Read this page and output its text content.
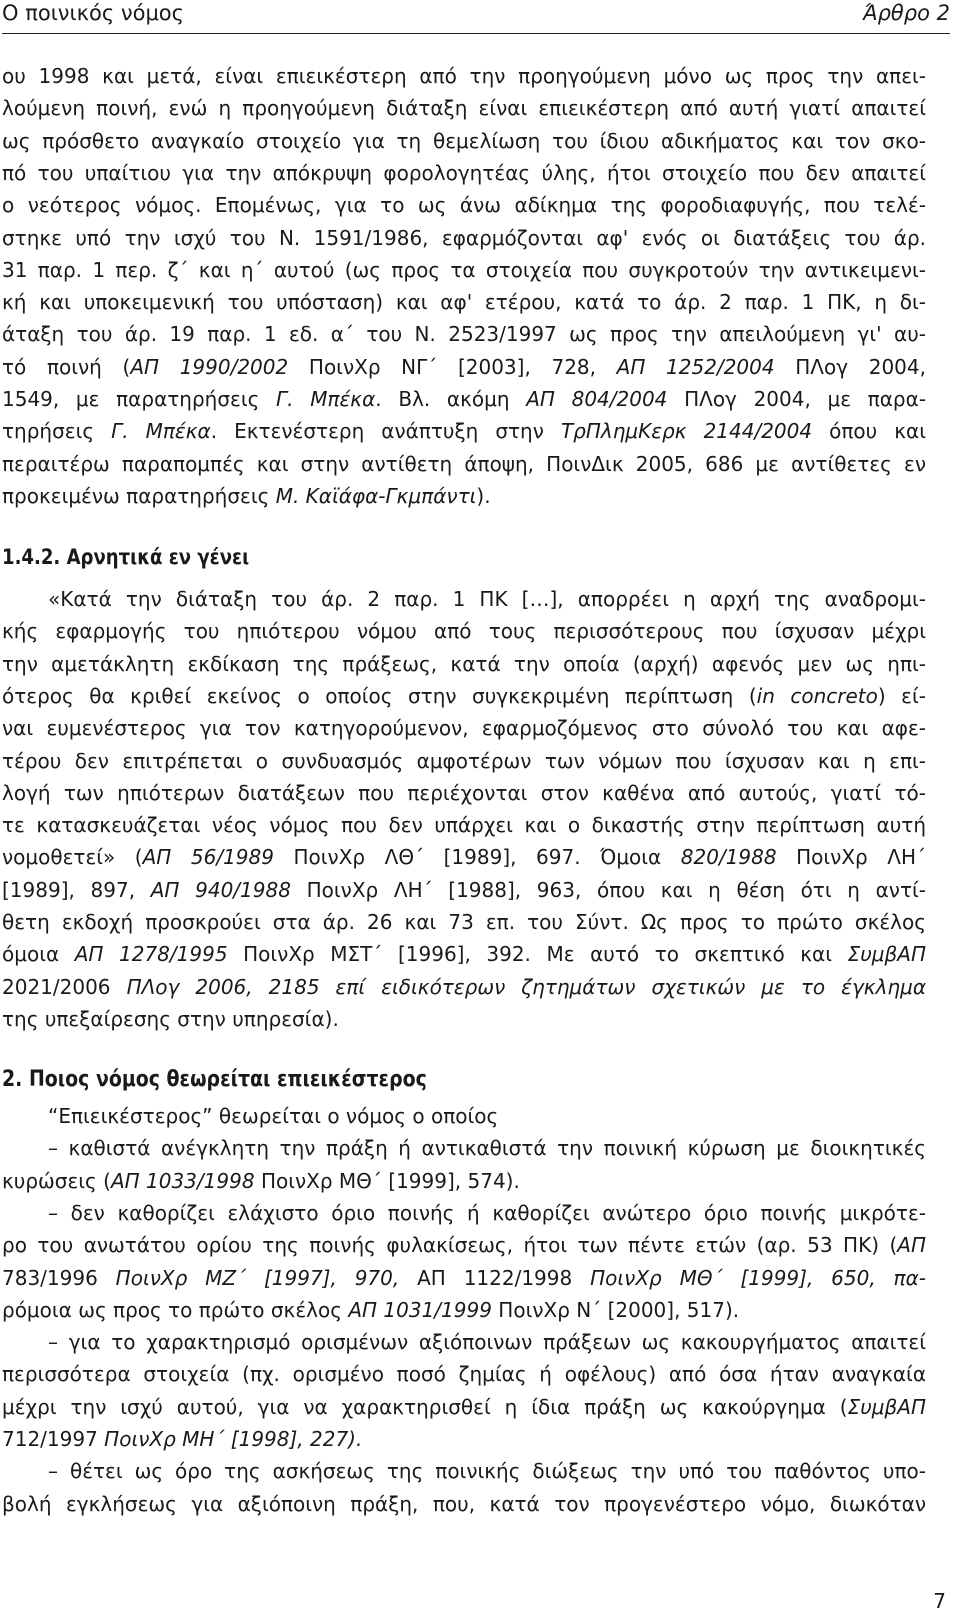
Ο ποινικός νόμος	Άρθρο 2
ου 1998 και μετά, είναι επιεικέστερη από την προηγούμενη μόνο ως προς την απει-
λούμενη ποινή, ενώ η προηγούμενη διάταξη είναι επιεικέστερη από αυτή γιατί απαιτεί
ως πρόσθετο αναγκαίο στοιχείο για τη θεμελίωση του ίδιου αδικήματος και τον σκο-
πό του υπαίτιου για την απόκρυψη φορολογητέας ύλης, ήτοι στοιχείο που δεν απαιτεί
ο νεότερος νόμος. Επομένως, για το ως άνω αδίκημα της φοροδιαφυγής, που τελέ-
στηκε υπό την ισχύ του Ν. 1591/1986, εφαρμόζονται αφ' ενός οι διατάξεις του άρ.
31 παρ. 1 περ. ζ΄ και η΄ αυτού (ως προς τα στοιχεία που συγκροτούν την αντικειμενι-
κή και υποκειμενική του υπόσταση) και αφ' ετέρου, κατά το άρ. 2 παρ. 1 ΠΚ, η δι-
άταξη του άρ. 19 παρ. 1 εδ. α΄ του Ν. 2523/1997 ως προς την απειλούμενη γι' αυ-
τό ποινή (ΑΠ 1990/2002 ΠοινΧρ ΝΓ΄ [2003], 728, ΑΠ 1252/2004 ΠΛογ 2004,
1549, με παρατηρήσεις Γ. Μπέκα. Βλ. ακόμη ΑΠ 804/2004 ΠΛογ 2004, με παρα-
τηρήσεις Γ. Μπέκα. Εκτενέστερη ανάπτυξη στην ΤρΠλημΚερκ 2144/2004 όπου και
περαιτέρω παραπομπές και στην αντίθετη άποψη, ΠοινΔικ 2005, 686 με αντίθετες εν
προκειμένω παρατηρήσεις Μ. Καϊάφα-Γκμπάντι).
1.4.2. Αρνητικά εν γένει
«Κατά την διάταξη του άρ. 2 παρ. 1 ΠΚ […], απορρέει η αρχή της αναδρομι-
κής εφαρμογής του ηπιότερου νόμου από τους περισσότερους που ίσχυσαν μέχρι
την αμετάκλητη εκδίκαση της πράξεως, κατά την οποία (αρχή) αφενός μεν ως ηπι-
ότερος θα κριθεί εκείνος ο οποίος στην συγκεκριμένη περίπτωση (in concreto) εί-
ναι ευμενέστερος για τον κατηγορούμενον, εφαρμοζόμενος στο σύνολό του και αφε-
τέρου δεν επιτρέπεται ο συνδυασμός αμφοτέρων των νόμων που ίσχυσαν και η επι-
λογή των ηπιότερων διατάξεων που περιέχονται στον καθένα από αυτούς, γιατί τό-
τε κατασκευάζεται νέος νόμος που δεν υπάρχει και ο δικαστής στην περίπτωση αυτή
νομοθετεί» (ΑΠ 56/1989 ΠοινΧρ ΛΘ΄ [1989], 697. Όμοια 820/1988 ΠοινΧρ ΛΗ΄
[1989], 897, ΑΠ 940/1988 ΠοινΧρ ΛΗ΄ [1988], 963, όπου και η θέση ότι η αντί-
θετη εκδοχή προσκρούει στα άρ. 26 και 73 επ. του Σύντ. Ως προς το πρώτο σκέλος
όμοια ΑΠ 1278/1995 ΠοινΧρ ΜΣΤ΄ [1996], 392. Με αυτό το σκεπτικό και ΣυμβΑΠ
2021/2006 ΠΛογ 2006, 2185 επί ειδικότερων ζητημάτων σχετικών με το έγκλημα
της υπεξαίρεσης στην υπηρεσία).
2. Ποιος νόμος θεωρείται επιεικέστερος
“Επιεικέστερος” θεωρείται ο νόμος ο οποίος
– καθιστά ανέγκλητη την πράξη ή αντικαθιστά την ποινική κύρωση με διοικητικές
κυρώσεις (ΑΠ 1033/1998 ΠοινΧρ ΜΘ΄ [1999], 574).
– δεν καθορίζει ελάχιστο όριο ποινής ή καθορίζει ανώτερο όριο ποινής μικρότε-
ρο του ανωτάτου ορίου της ποινής φυλακίσεως, ήτοι των πέντε ετών (αρ. 53 ΠΚ) (ΑΠ
783/1996 ΠοινΧρ ΜΖ΄ [1997], 970, ΑΠ 1122/1998 ΠοινΧρ ΜΘ΄ [1999], 650, πα-
ρόμοια ως προς το πρώτο σκέλος ΑΠ 1031/1999 ΠοινΧρ Ν΄ [2000], 517).
– για το χαρακτηρισμό ορισμένων αξιόποινων πράξεων ως κακουργήματος απαιτεί
περισσότερα στοιχεία (πχ. ορισμένο ποσό ζημίας ή οφέλους) από όσα ήταν αναγκαία
μέχρι την ισχύ αυτού, για να χαρακτηρισθεί η ίδια πράξη ως κακούργημα (ΣυμβΑΠ
712/1997 ΠοινΧρ ΜΗ΄ [1998], 227).
– θέτει ως όρο της ασκήσεως της ποινικής διώξεως την υπό του παθόντος υπο-
βολή εγκλήσεως για αξιόποινη πράξη, που, κατά τον προγενέστερο νόμο, διωκόταν
7
